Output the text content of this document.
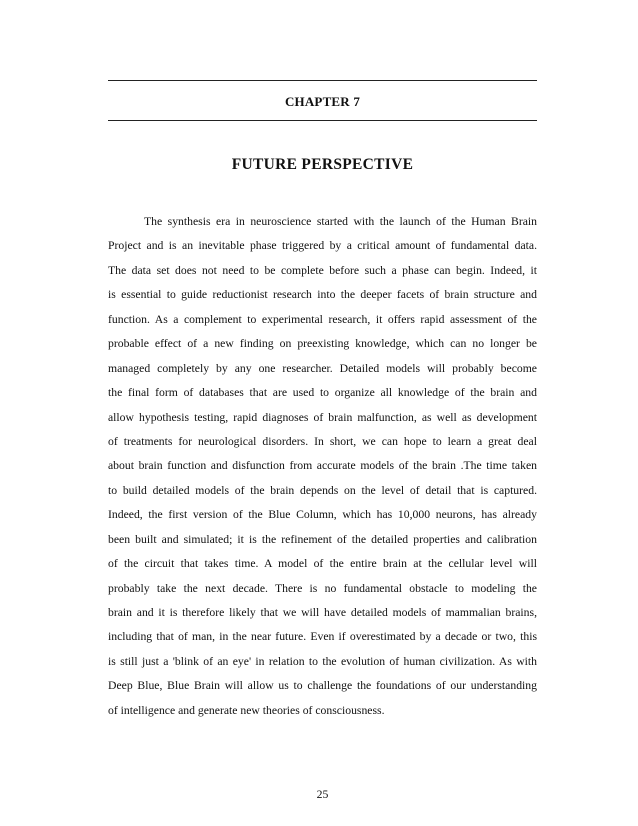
CHAPTER 7
FUTURE PERSPECTIVE
The synthesis era in neuroscience started with the launch of the Human Brain
Project and is an inevitable phase triggered by a critical amount of fundamental data.
The data set does not need to be complete before such a phase can begin. Indeed, it
is essential to guide reductionist research into the deeper facets of brain structure and
function. As a complement to experimental research, it offers rapid assessment of the
probable effect of a new finding on preexisting knowledge, which can no longer be
managed completely by any one researcher. Detailed models will probably become
the final form of databases that are used to organize all knowledge of the brain and
allow hypothesis testing, rapid diagnoses of brain malfunction, as well as development
of treatments for neurological disorders. In short, we can hope to learn a great deal
about brain function and disfunction from accurate models of the brain .The time taken
to build detailed models of the brain depends on the level of detail that is captured.
Indeed, the first version of the Blue Column, which has 10,000 neurons, has already
been built and simulated; it is the refinement of the detailed properties and calibration
of the circuit that takes time. A model of the entire brain at the cellular level will
probably take the next decade. There is no fundamental obstacle to modeling the
brain and it is therefore likely that we will have detailed models of mammalian brains,
including that of man, in the near future. Even if overestimated by a decade or two, this
is still just a 'blink of an eye' in relation to the evolution of human civilization. As with
Deep Blue, Blue Brain will allow us to challenge the foundations of our understanding
of intelligence and generate new theories of consciousness.
25
